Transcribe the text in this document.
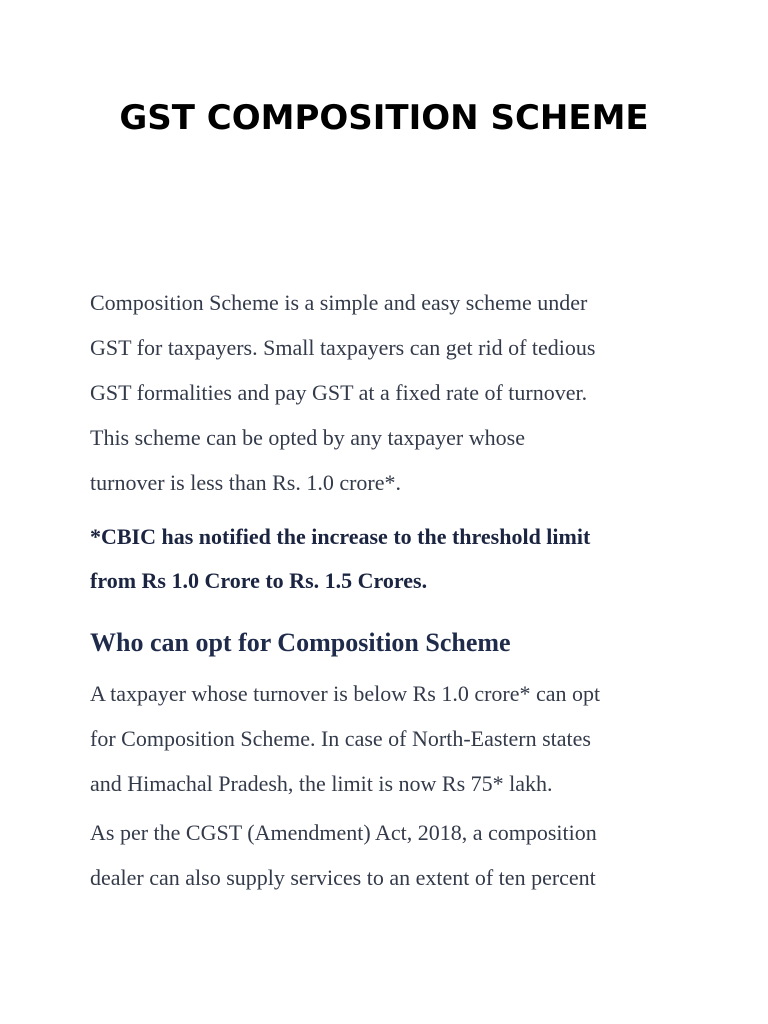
GST COMPOSITION SCHEME

Composition Scheme is a simple and easy scheme under
GST for taxpayers. Small taxpayers can get rid of tedious
GST formalities and pay GST at a fixed rate of turnover.
This scheme can be opted by any taxpayer whose
turnover is less than Rs. 1.0 crore*.

*CBIC has notified the increase to the threshold limit
from Rs 1.0 Crore to Rs. 1.5 Crores.

Who can opt for Composition Scheme

A taxpayer whose turnover is below Rs 1.0 crore* can opt
for Composition Scheme. In case of North-Eastern states
and Himachal Pradesh, the limit is now Rs 75* lakh.

As per the CGST (Amendment) Act, 2018, a composition
dealer can also supply services to an extent of ten percent
